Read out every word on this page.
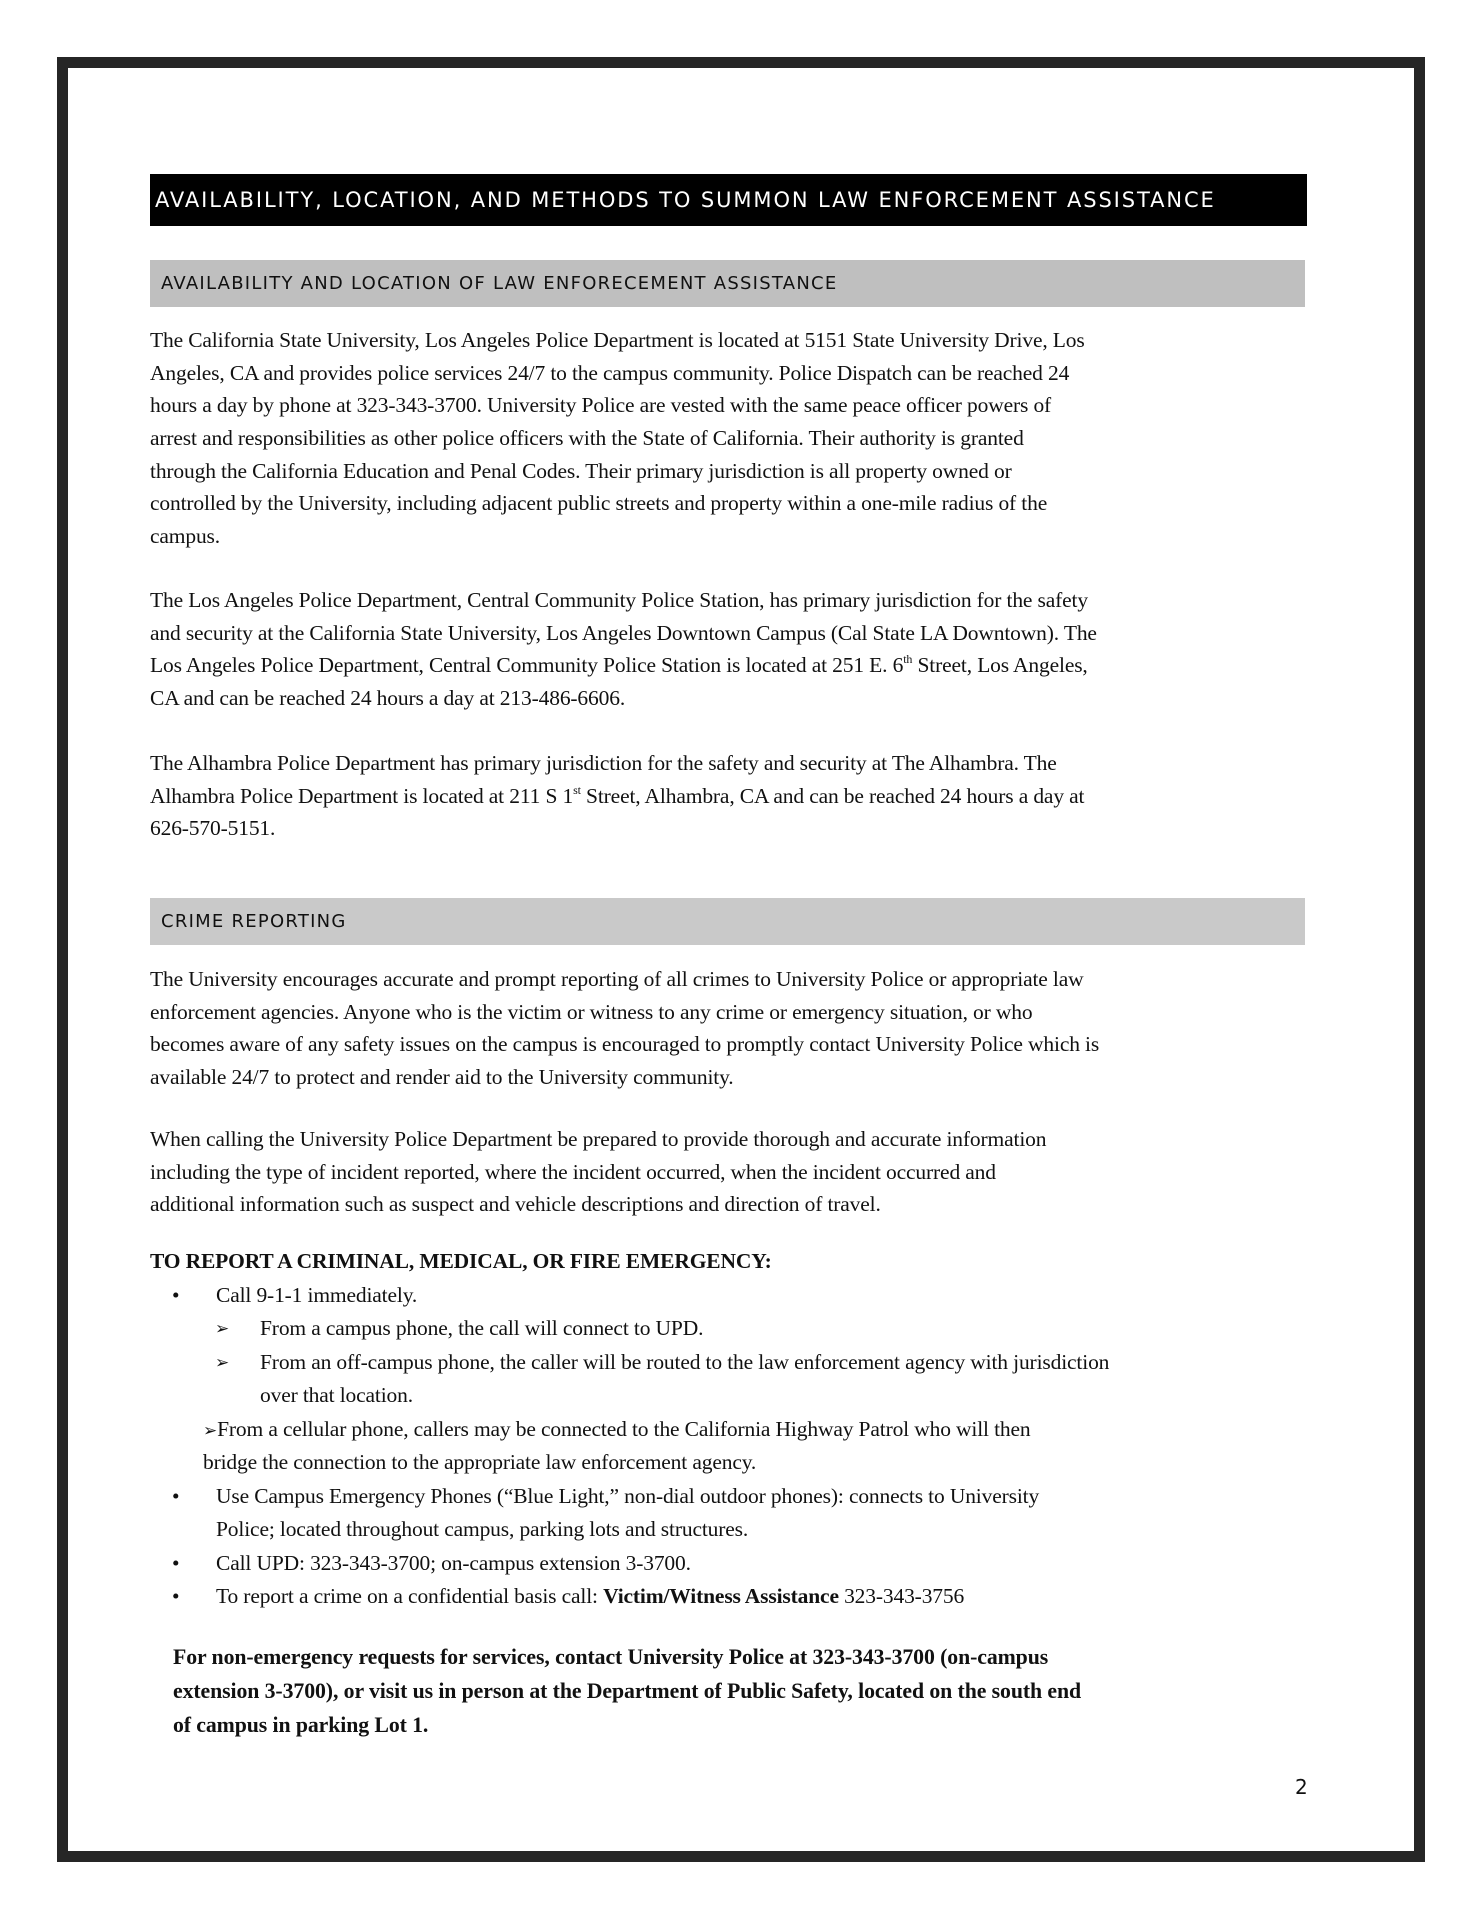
AVAILABILITY, LOCATION, AND METHODS TO SUMMON LAW ENFORCEMENT ASSISTANCE
AVAILABILITY AND LOCATION OF LAW ENFORECEMENT ASSISTANCE
The California State University, Los Angeles Police Department is located at 5151 State University Drive, Los
Angeles, CA and provides police services 24/7 to the campus community. Police Dispatch can be reached 24
hours a day by phone at 323-343-3700. University Police are vested with the same peace officer powers of
arrest and responsibilities as other police officers with the State of California. Their authority is granted
through the California Education and Penal Codes. Their primary jurisdiction is all property owned or
controlled by the University, including adjacent public streets and property within a one-mile radius of the
campus.
The Los Angeles Police Department, Central Community Police Station, has primary jurisdiction for the safety
and security at the California State University, Los Angeles Downtown Campus (Cal State LA Downtown). The
Los Angeles Police Department, Central Community Police Station is located at 251 E. 6th Street, Los Angeles,
CA and can be reached 24 hours a day at 213-486-6606.
The Alhambra Police Department has primary jurisdiction for the safety and security at The Alhambra. The
Alhambra Police Department is located at 211 S 1st Street, Alhambra, CA and can be reached 24 hours a day at
626-570-5151.
CRIME REPORTING
The University encourages accurate and prompt reporting of all crimes to University Police or appropriate law
enforcement agencies. Anyone who is the victim or witness to any crime or emergency situation, or who
becomes aware of any safety issues on the campus is encouraged to promptly contact University Police which is
available 24/7 to protect and render aid to the University community.
When calling the University Police Department be prepared to provide thorough and accurate information
including the type of incident reported, where the incident occurred, when the incident occurred and
additional information such as suspect and vehicle descriptions and direction of travel.
TO REPORT A CRIMINAL, MEDICAL, OR FIRE EMERGENCY:
• Call 9-1-1 immediately.
➢ From a campus phone, the call will connect to UPD.
➢ From an off-campus phone, the caller will be routed to the law enforcement agency with jurisdiction
over that location.
➢From a cellular phone, callers may be connected to the California Highway Patrol who will then
bridge the connection to the appropriate law enforcement agency.
• Use Campus Emergency Phones (“Blue Light,” non-dial outdoor phones): connects to University
Police; located throughout campus, parking lots and structures.
• Call UPD: 323-343-3700; on-campus extension 3-3700.
• To report a crime on a confidential basis call: Victim/Witness Assistance 323-343-3756
For non-emergency requests for services, contact University Police at 323-343-3700 (on-campus
extension 3-3700), or visit us in person at the Department of Public Safety, located on the south end
of campus in parking Lot 1.
2
